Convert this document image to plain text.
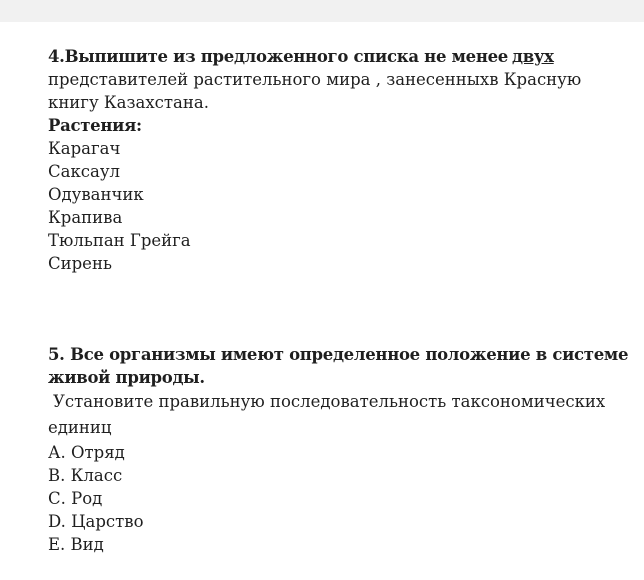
4.Выпишите из предложенного списка не менее двух
представителей растительного мира , занесенныхв Красную
книгу Казахстана.
Растения:
Карагач
Саксаул
Одуванчик
Крапива
Тюльпан Грейга
Сирень
5. Все организмы имеют определенное положение в системе
живой природы.
Установите правильную последовательность таксономических
единиц
А. Отряд
В. Класс
С. Род
D. Царство
Е. Вид
